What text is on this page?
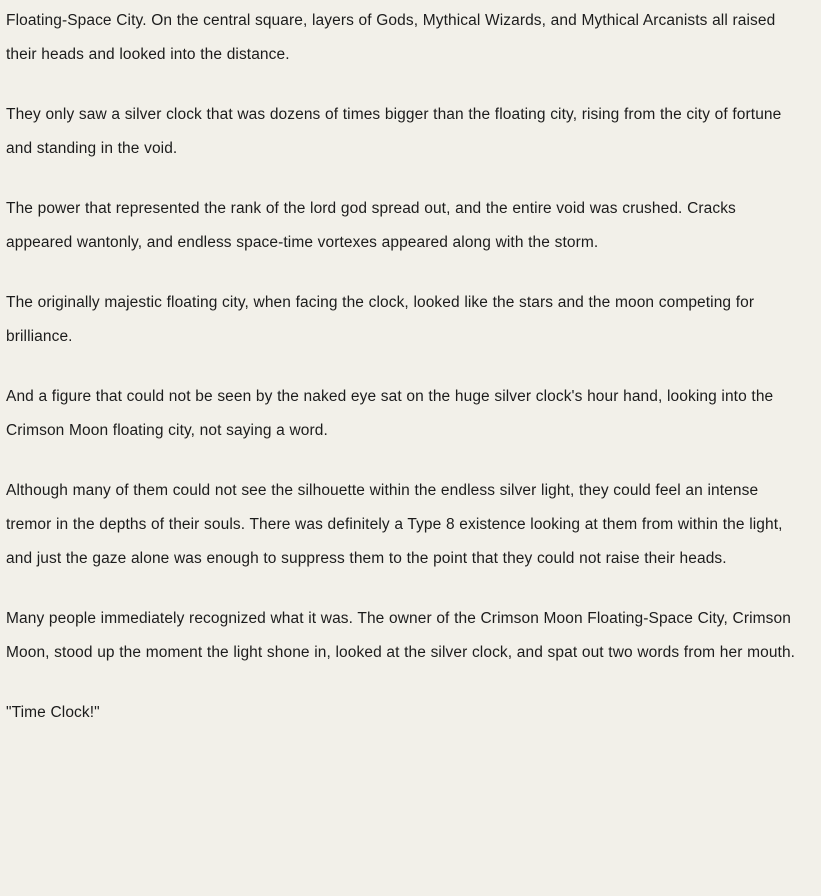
Floating-Space City. On the central square, layers of Gods, Mythical Wizards, and Mythical Arcanists all raised their heads and looked into the distance.

They only saw a silver clock that was dozens of times bigger than the floating city, rising from the city of fortune and standing in the void.

The power that represented the rank of the lord god spread out, and the entire void was crushed. Cracks appeared wantonly, and endless space-time vortexes appeared along with the storm.

The originally majestic floating city, when facing the clock, looked like the stars and the moon competing for brilliance.

And a figure that could not be seen by the naked eye sat on the huge silver clock's hour hand, looking into the Crimson Moon floating city, not saying a word.

Although many of them could not see the silhouette within the endless silver light, they could feel an intense tremor in the depths of their souls. There was definitely a Type 8 existence looking at them from within the light, and just the gaze alone was enough to suppress them to the point that they could not raise their heads.

Many people immediately recognized what it was. The owner of the Crimson Moon Floating-Space City, Crimson Moon, stood up the moment the light shone in, looked at the silver clock, and spat out two words from her mouth.

"Time Clock!"
